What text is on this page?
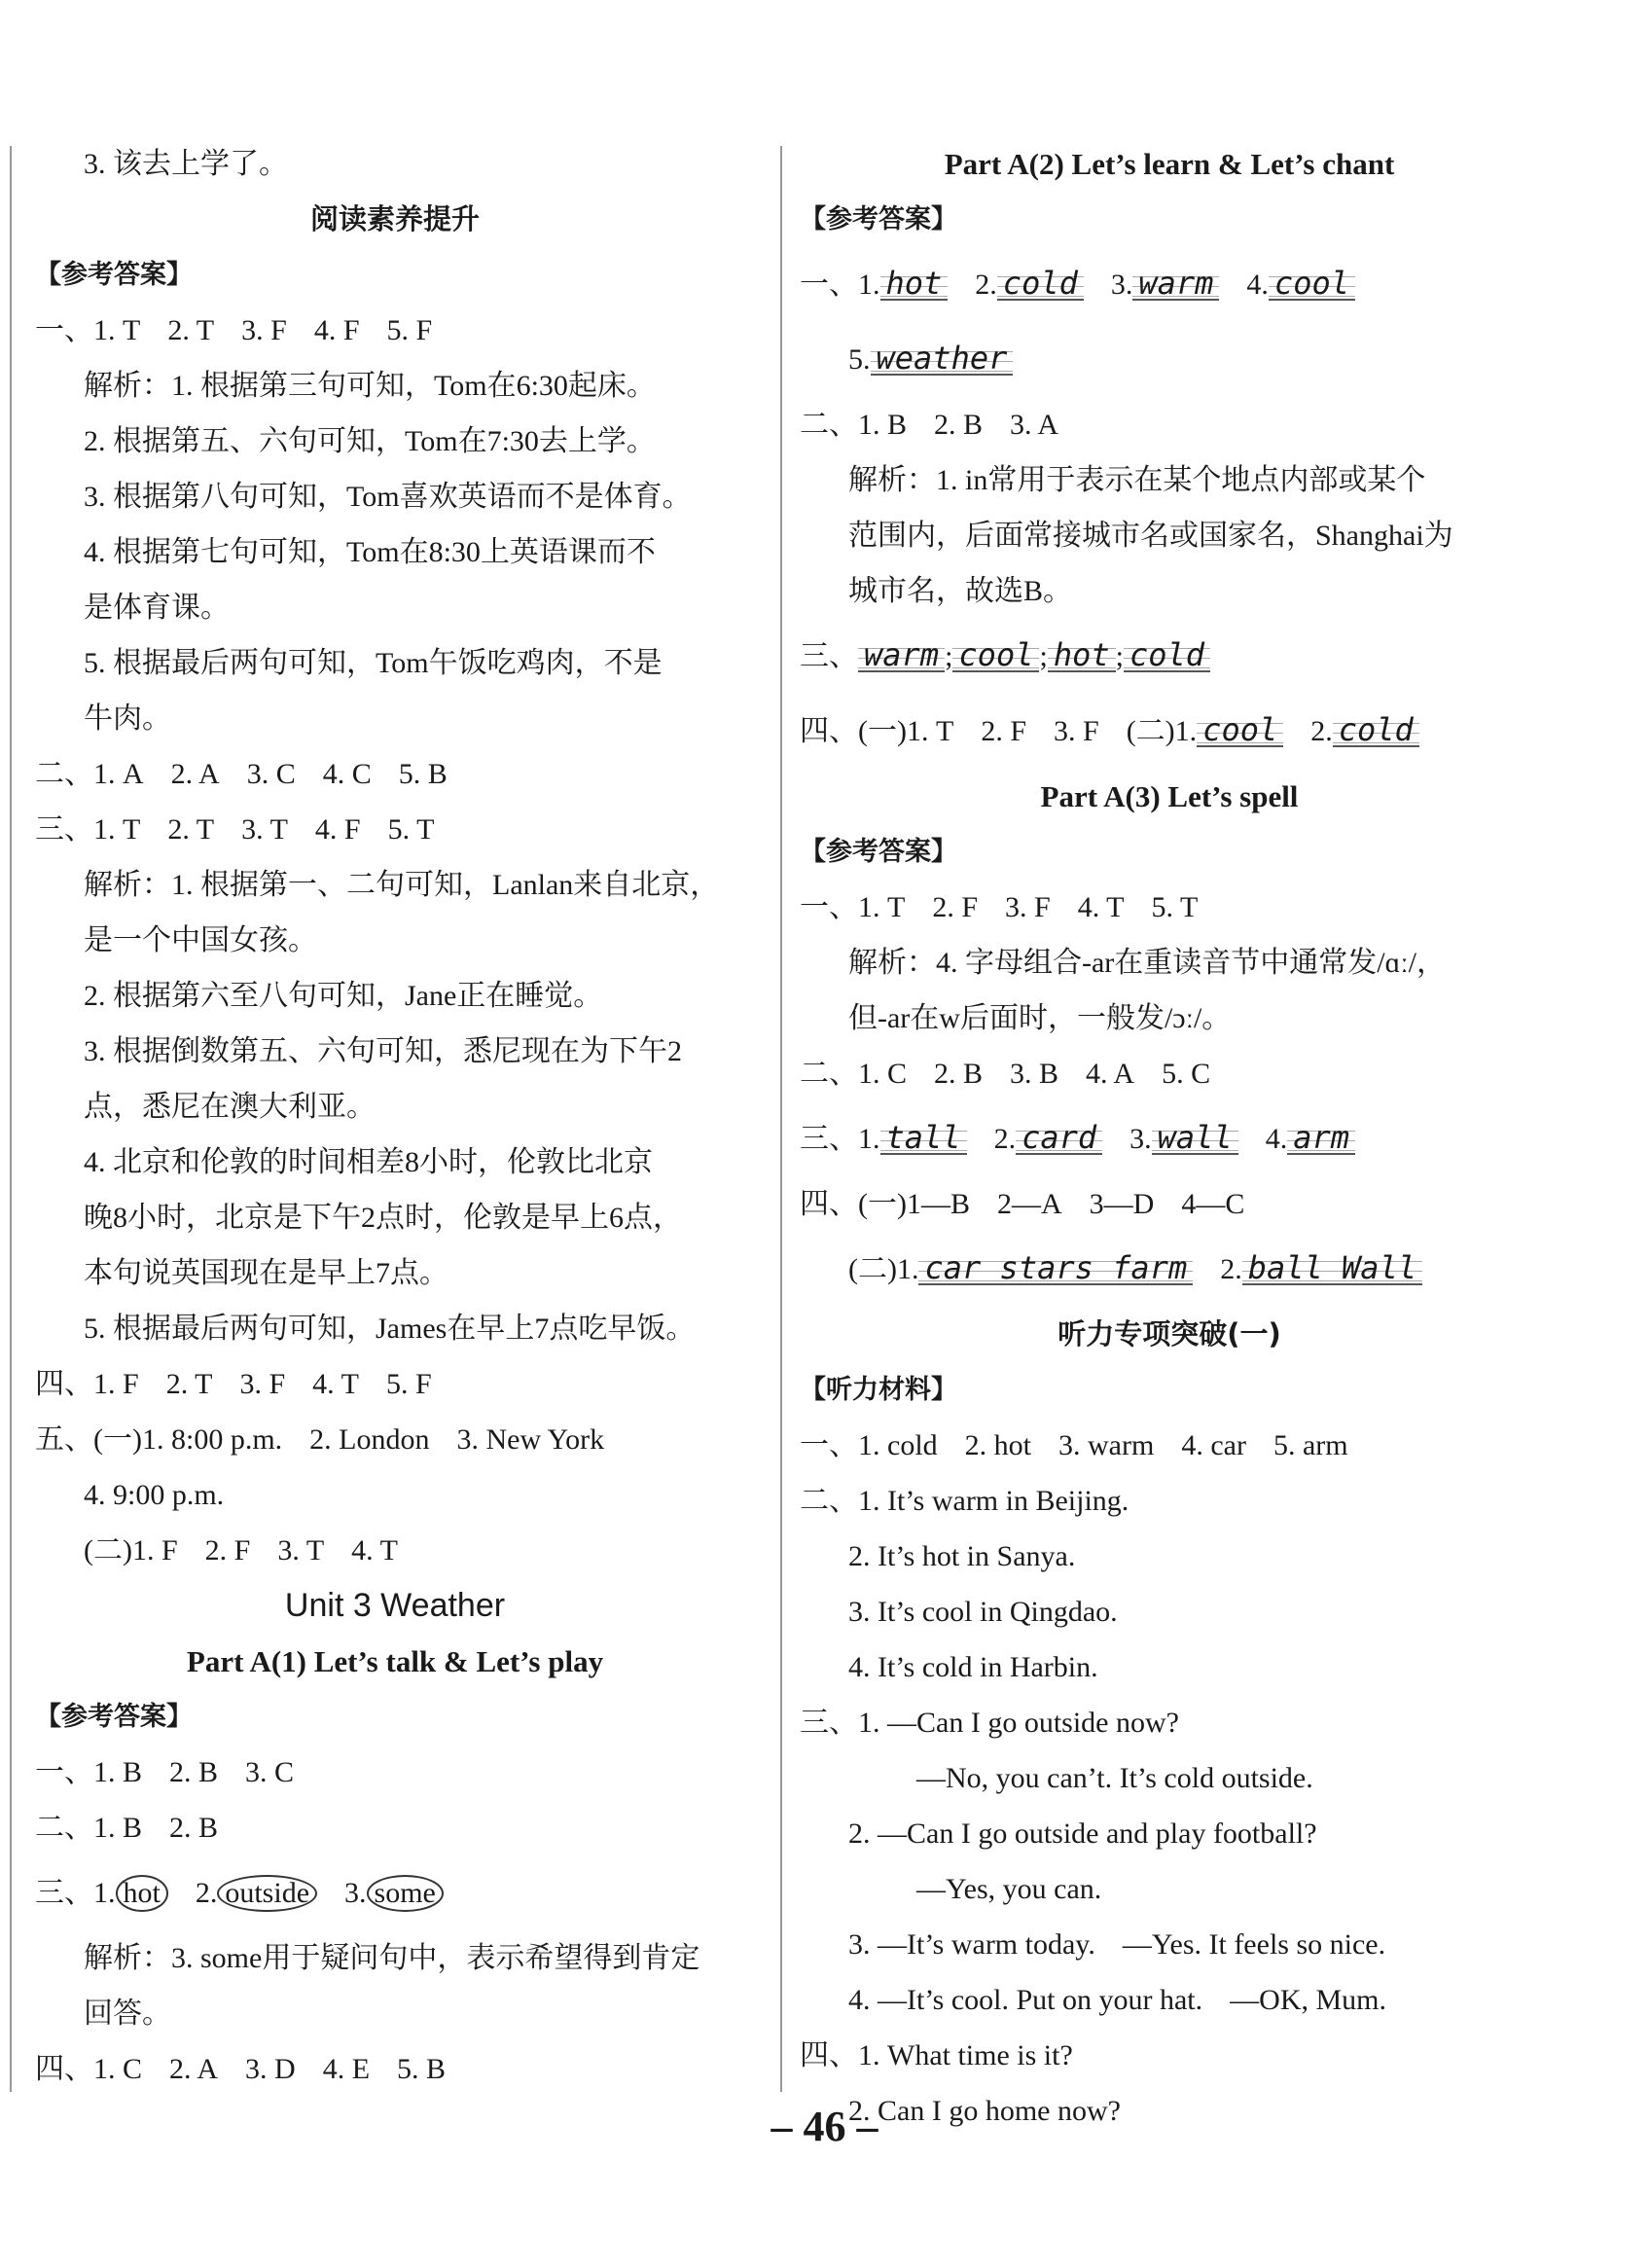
3. 该去上学了。
阅读素养提升
【参考答案】
一、1. T 2. T 3. F 4. F 5. F
解析：1. 根据第三句可知，Tom在6:30起床。
2. 根据第五、六句可知，Tom在7:30去上学。
3. 根据第八句可知，Tom喜欢英语而不是体育。
4. 根据第七句可知，Tom在8:30上英语课而不
是体育课。
5. 根据最后两句可知，Tom午饭吃鸡肉，不是
牛肉。
二、1. A 2. A 3. C 4. C 5. B
三、1. T 2. T 3. T 4. F 5. T
解析：1. 根据第一、二句可知，Lanlan来自北京，
是一个中国女孩。
2. 根据第六至八句可知，Jane正在睡觉。
3. 根据倒数第五、六句可知，悉尼现在为下午2
点，悉尼在澳大利亚。
4. 北京和伦敦的时间相差8小时，伦敦比北京
晚8小时，北京是下午2点时，伦敦是早上6点，
本句说英国现在是早上7点。
5. 根据最后两句可知，James在早上7点吃早饭。
四、1. F 2. T 3. F 4. T 5. F
五、(一)1. 8:00 p.m. 2. London 3. New York
4. 9:00 p.m.
(二)1. F 2. F 3. T 4. T
Unit 3 Weather
Part A(1) Let’s talk & Let’s play
【参考答案】
一、1. B 2. B 3. C
二、1. B 2. B
三、1. hot 2. outside 3. some
解析：3. some用于疑问句中，表示希望得到肯定
回答。
四、1. C 2. A 3. D 4. E 5. B
Part A(2) Let’s learn & Let’s chant
【参考答案】
一、1. hot 2. cold 3. warm 4. cool
5. weather
二、1. B 2. B 3. A
解析：1. in常用于表示在某个地点内部或某个
范围内，后面常接城市名或国家名，Shanghai为
城市名，故选B。
三、 warm ; cool ; hot ; cold
四、(一)1. T 2. F 3. F (二)1. cool 2. cold
Part A(3) Let’s spell
【参考答案】
一、1. T 2. F 3. F 4. T 5. T
解析：4. 字母组合-ar在重读音节中通常发/ɑː/，
但-ar在w后面时，一般发/ɔː/。
二、1. C 2. B 3. B 4. A 5. C
三、1. tall 2. card 3. wall 4. arm
四、(一)1—B 2—A 3—D 4—C
(二)1. car stars farm 2. ball Wall
听力专项突破(一)
【听力材料】
一、1. cold 2. hot 3. warm 4. car 5. arm
二、1. It’s warm in Beijing.
2. It’s hot in Sanya.
3. It’s cool in Qingdao.
4. It’s cold in Harbin.
三、1. —Can I go outside now?
—No, you can’t. It’s cold outside.
2. —Can I go outside and play football?
—Yes, you can.
3. —It’s warm today. —Yes. It feels so nice.
4. —It’s cool. Put on your hat. —OK, Mum.
四、1. What time is it?
2. Can I go home now?
– 46 –
